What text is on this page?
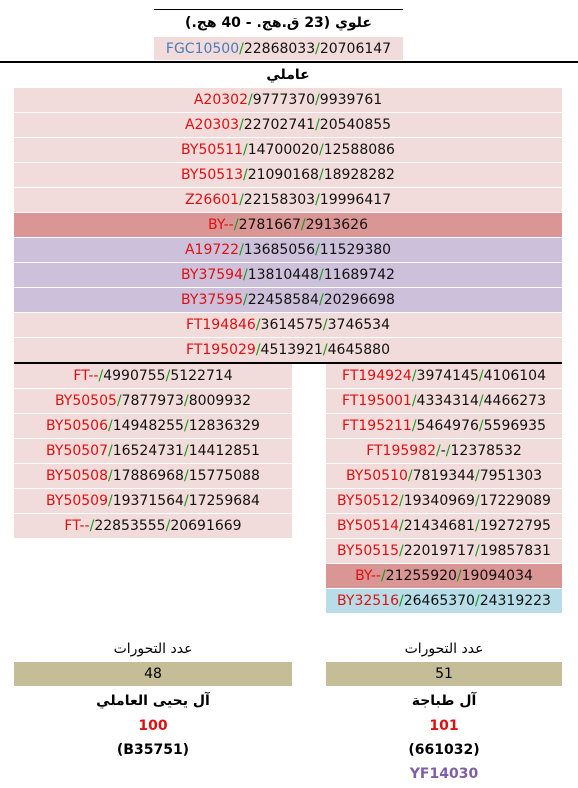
علوي (23 ق.هج. - 40 هج.)
FGC10500 / 22868033 / 20706147
عاملي
A20302 / 9777370 / 9939761
A20303 / 22702741 / 20540855
BY50511 / 14700020 / 12588086
BY50513 / 21090168 / 18928282
Z26601 / 22158303 / 19996417
BY-- / 2781667 / 2913626
A19722 / 13685056 / 11529380
BY37594 / 13810448 / 11689742
BY37595 / 22458584 / 20296698
FT194846 / 3614575 / 3746534
FT195029 / 4513921 / 4645880
FT-- / 4990755 / 5122714
BY50505 / 7877973 / 8009932
BY50506 / 14948255 / 12836329
BY50507 / 16524731 / 14412851
BY50508 / 17886968 / 15775088
BY50509 / 19371564 / 17259684
FT-- / 22853555 / 20691669
FT194924 / 3974145 / 4106104
FT195001 / 4334314 / 4466273
FT195211 / 5464976 / 5596935
FT195982 / - / 12378532
BY50510 / 7819344 / 7951303
BY50512 / 19340969 / 17229089
BY50514 / 21434681 / 19272795
BY50515 / 22019717 / 19857831
BY-- / 21255920 / 19094034
BY32516 / 26465370 / 24319223
عدد التحورات
48
آل يحيى العاملي
100
(B35751)
عدد التحورات
51
آل طباجة
101
(661032)
YF14030
